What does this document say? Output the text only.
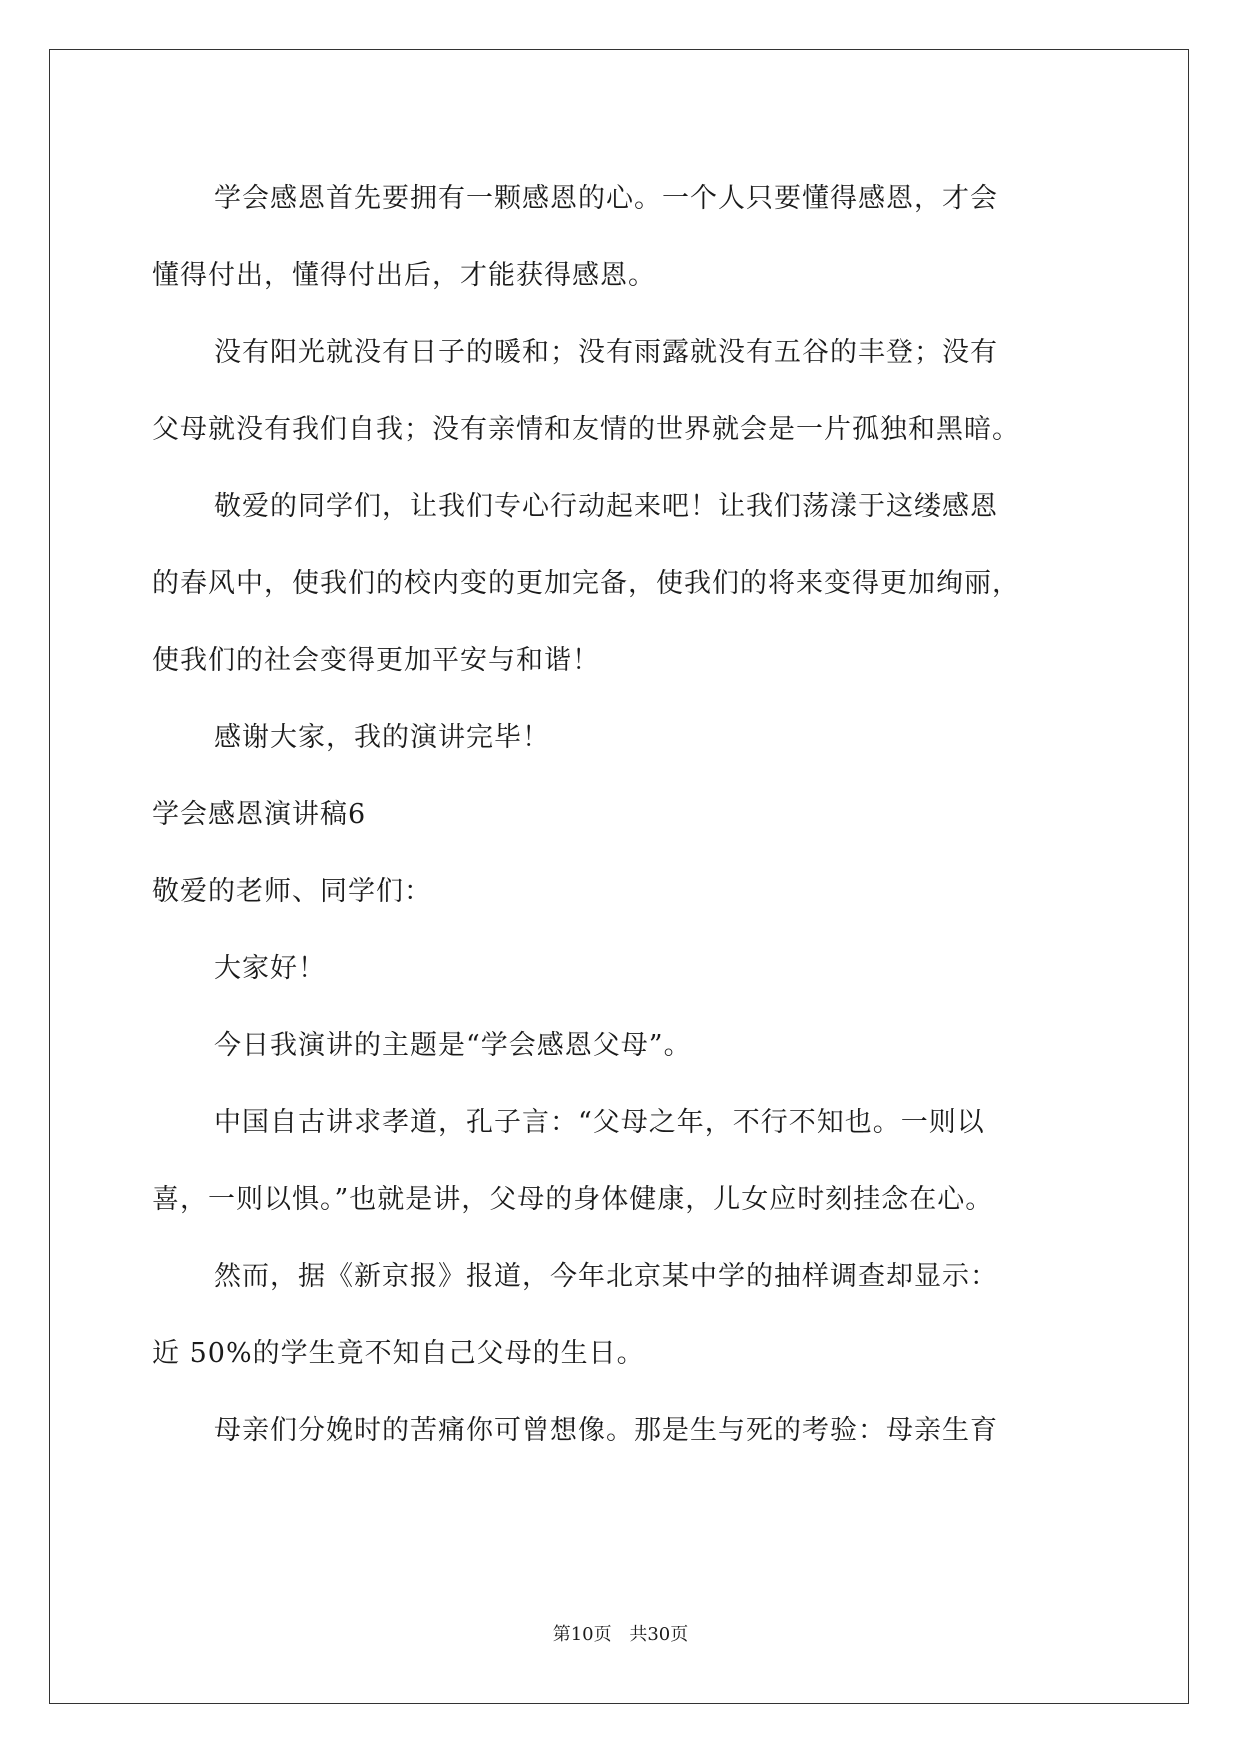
学会感恩首先要拥有一颗感恩的心。一个人只要懂得感恩，才会
懂得付出，懂得付出后，才能获得感恩。
没有阳光就没有日子的暖和；没有雨露就没有五谷的丰登；没有
父母就没有我们自我；没有亲情和友情的世界就会是一片孤独和黑暗。
敬爱的同学们，让我们专心行动起来吧！让我们荡漾于这缕感恩
的春风中，使我们的校内变的更加完备，使我们的将来变得更加绚丽，
使我们的社会变得更加平安与和谐！
感谢大家，我的演讲完毕！
学会感恩演讲稿6
敬爱的老师、同学们：
大家好！
今日我演讲的主题是“学会感恩父母”。
中国自古讲求孝道，孔子言：“父母之年，不行不知也。一则以
喜，一则以惧。”也就是讲，父母的身体健康，儿女应时刻挂念在心。
然而，据《新京报》报道，今年北京某中学的抽样调查却显示：
近 50%的学生竟不知自己父母的生日。
母亲们分娩时的苦痛你可曾想像。那是生与死的考验：母亲生育
第10页 共30页
